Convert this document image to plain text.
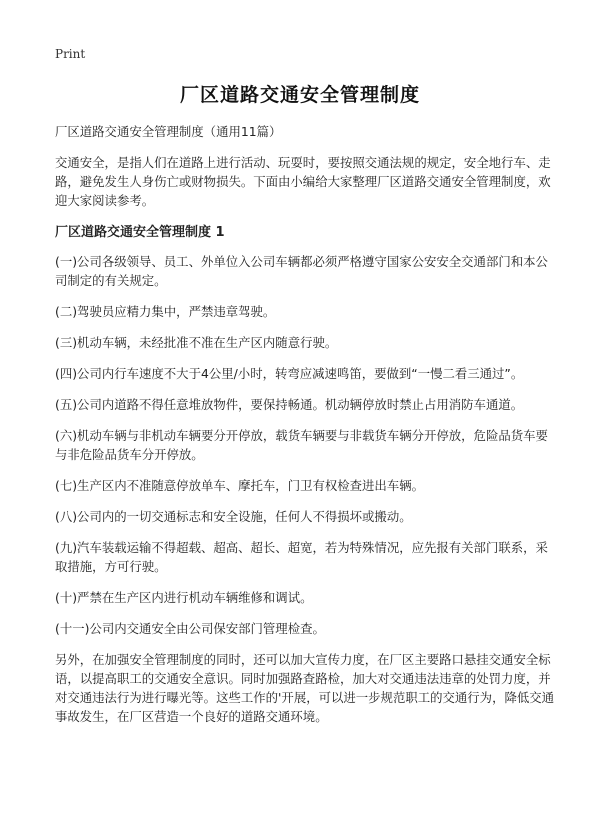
Print
厂区道路交通安全管理制度

厂区道路交通安全管理制度（通用11篇）

交通安全，是指人们在道路上进行活动、玩耍时，要按照交通法规的规定，安全地行车、走路，避免发生人身伤亡或财物损失。下面由小编给大家整理厂区道路交通安全管理制度，欢迎大家阅读参考。

厂区道路交通安全管理制度 1

(一)公司各级领导、员工、外单位入公司车辆都必须严格遵守国家公安安全交通部门和本公司制定的有关规定。

(二)驾驶员应精力集中，严禁违章驾驶。

(三)机动车辆，未经批准不准在生产区内随意行驶。

(四)公司内行车速度不大于4公里/小时，转弯应减速鸣笛，要做到“一慢二看三通过”。

(五)公司内道路不得任意堆放物件，要保持畅通。机动辆停放时禁止占用消防车通道。

(六)机动车辆与非机动车辆要分开停放，载货车辆要与非载货车辆分开停放，危险品货车要与非危险品货车分开停放。

(七)生产区内不准随意停放单车、摩托车，门卫有权检查进出车辆。

(八)公司内的一切交通标志和安全设施，任何人不得损坏或搬动。

(九)汽车装载运输不得超载、超高、超长、超宽，若为特殊情况，应先报有关部门联系，采取措施，方可行驶。

(十)严禁在生产区内进行机动车辆维修和调试。

(十一)公司内交通安全由公司保安部门管理检查。

另外，在加强安全管理制度的同时，还可以加大宣传力度，在厂区主要路口悬挂交通安全标语，以提高职工的交通安全意识。同时加强路查路检，加大对交通违法违章的处罚力度，并对交通违法行为进行曝光等。这些工作的'开展，可以进一步规范职工的交通行为，降低交通事故发生，在厂区营造一个良好的道路交通环境。
